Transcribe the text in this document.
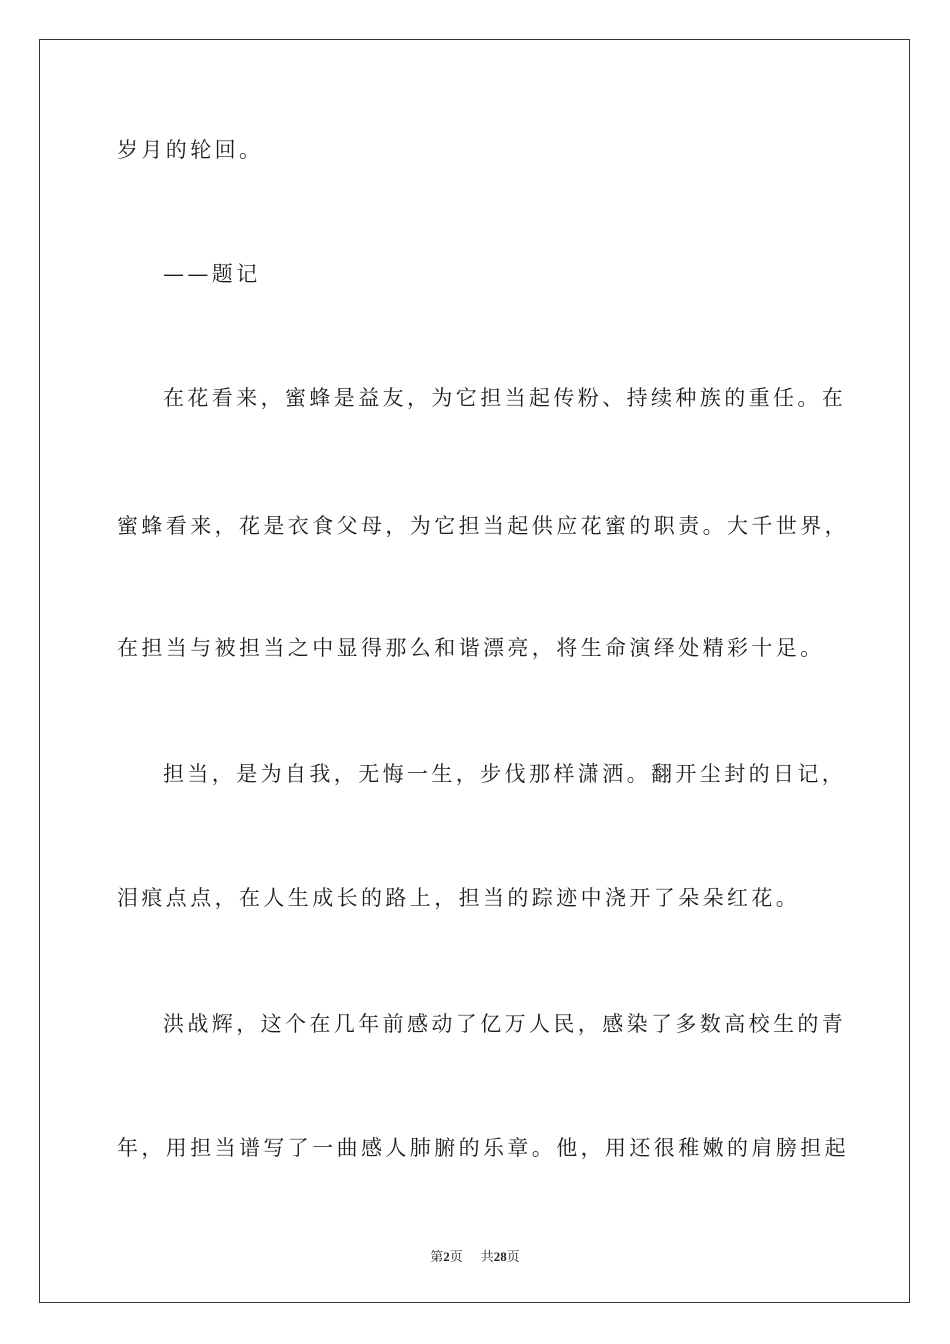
岁月的轮回。
——题记
在花看来，蜜蜂是益友，为它担当起传粉、持续种族的重任。在
蜜蜂看来，花是衣食父母，为它担当起供应花蜜的职责。大千世界，
在担当与被担当之中显得那么和谐漂亮，将生命演绎处精彩十足。
担当，是为自我，无悔一生，步伐那样潇洒。翻开尘封的日记，
泪痕点点，在人生成长的路上，担当的踪迹中浇开了朵朵红花。
洪战辉，这个在几年前感动了亿万人民，感染了多数高校生的青
年，用担当谱写了一曲感人肺腑的乐章。他，用还很稚嫩的肩膀担起
第2页 共28页
